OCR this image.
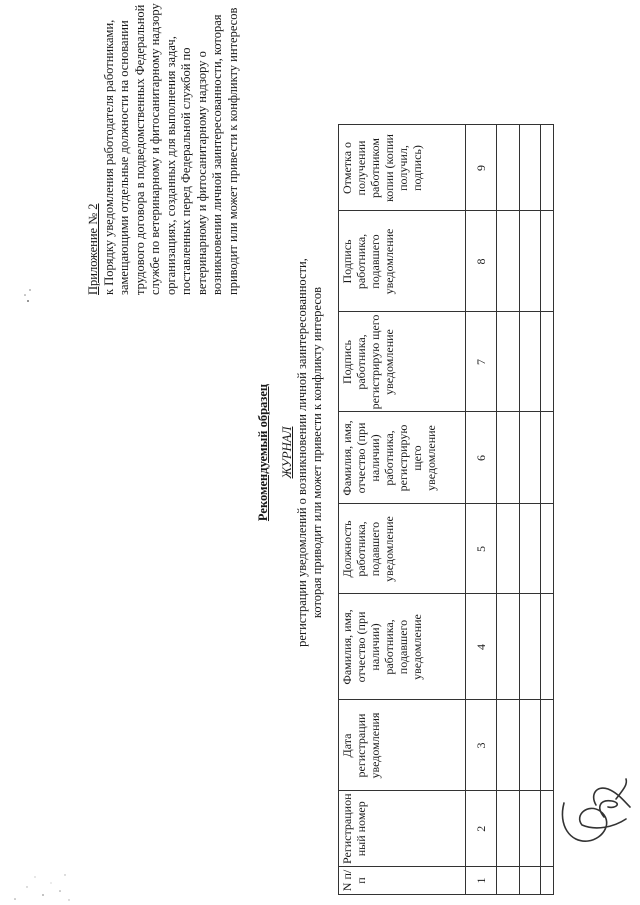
Приложение № 2 к Порядку уведомления работодателя работниками, замещающими отдельные должности на основании трудового договора в подведомственных Федеральной службе по ветеринарному и фитосанитарному надзору организациях, созданных для выполнения задач, поставленных перед Федеральной службой по ветеринарному и фитосанитарному надзору о возникновении личной заинтересованности, которая приводит или может привести к конфликту интересов
Рекомендуемый образец ЖУРНАЛ регистрации уведомлений о возникновении личной заинтересованности, которая приводит или может привести к конфликту интересов
N п/п	Регистрацион ный номер	Дата регистрации уведомления	Фамилия, имя, отчество (при наличии) работника, подавшего уведомление	Должность работника, подавшего уведомление	Фамилия, имя, отчество (при наличии) работника, регистрирую щего уведомление	Подпись работника, регистрирую щего уведомление	Подпись работника, подавшего уведомление	Отметка о получении работником копии (копии получил, подпись)
1	2	3	4	5	6	7	8	9
